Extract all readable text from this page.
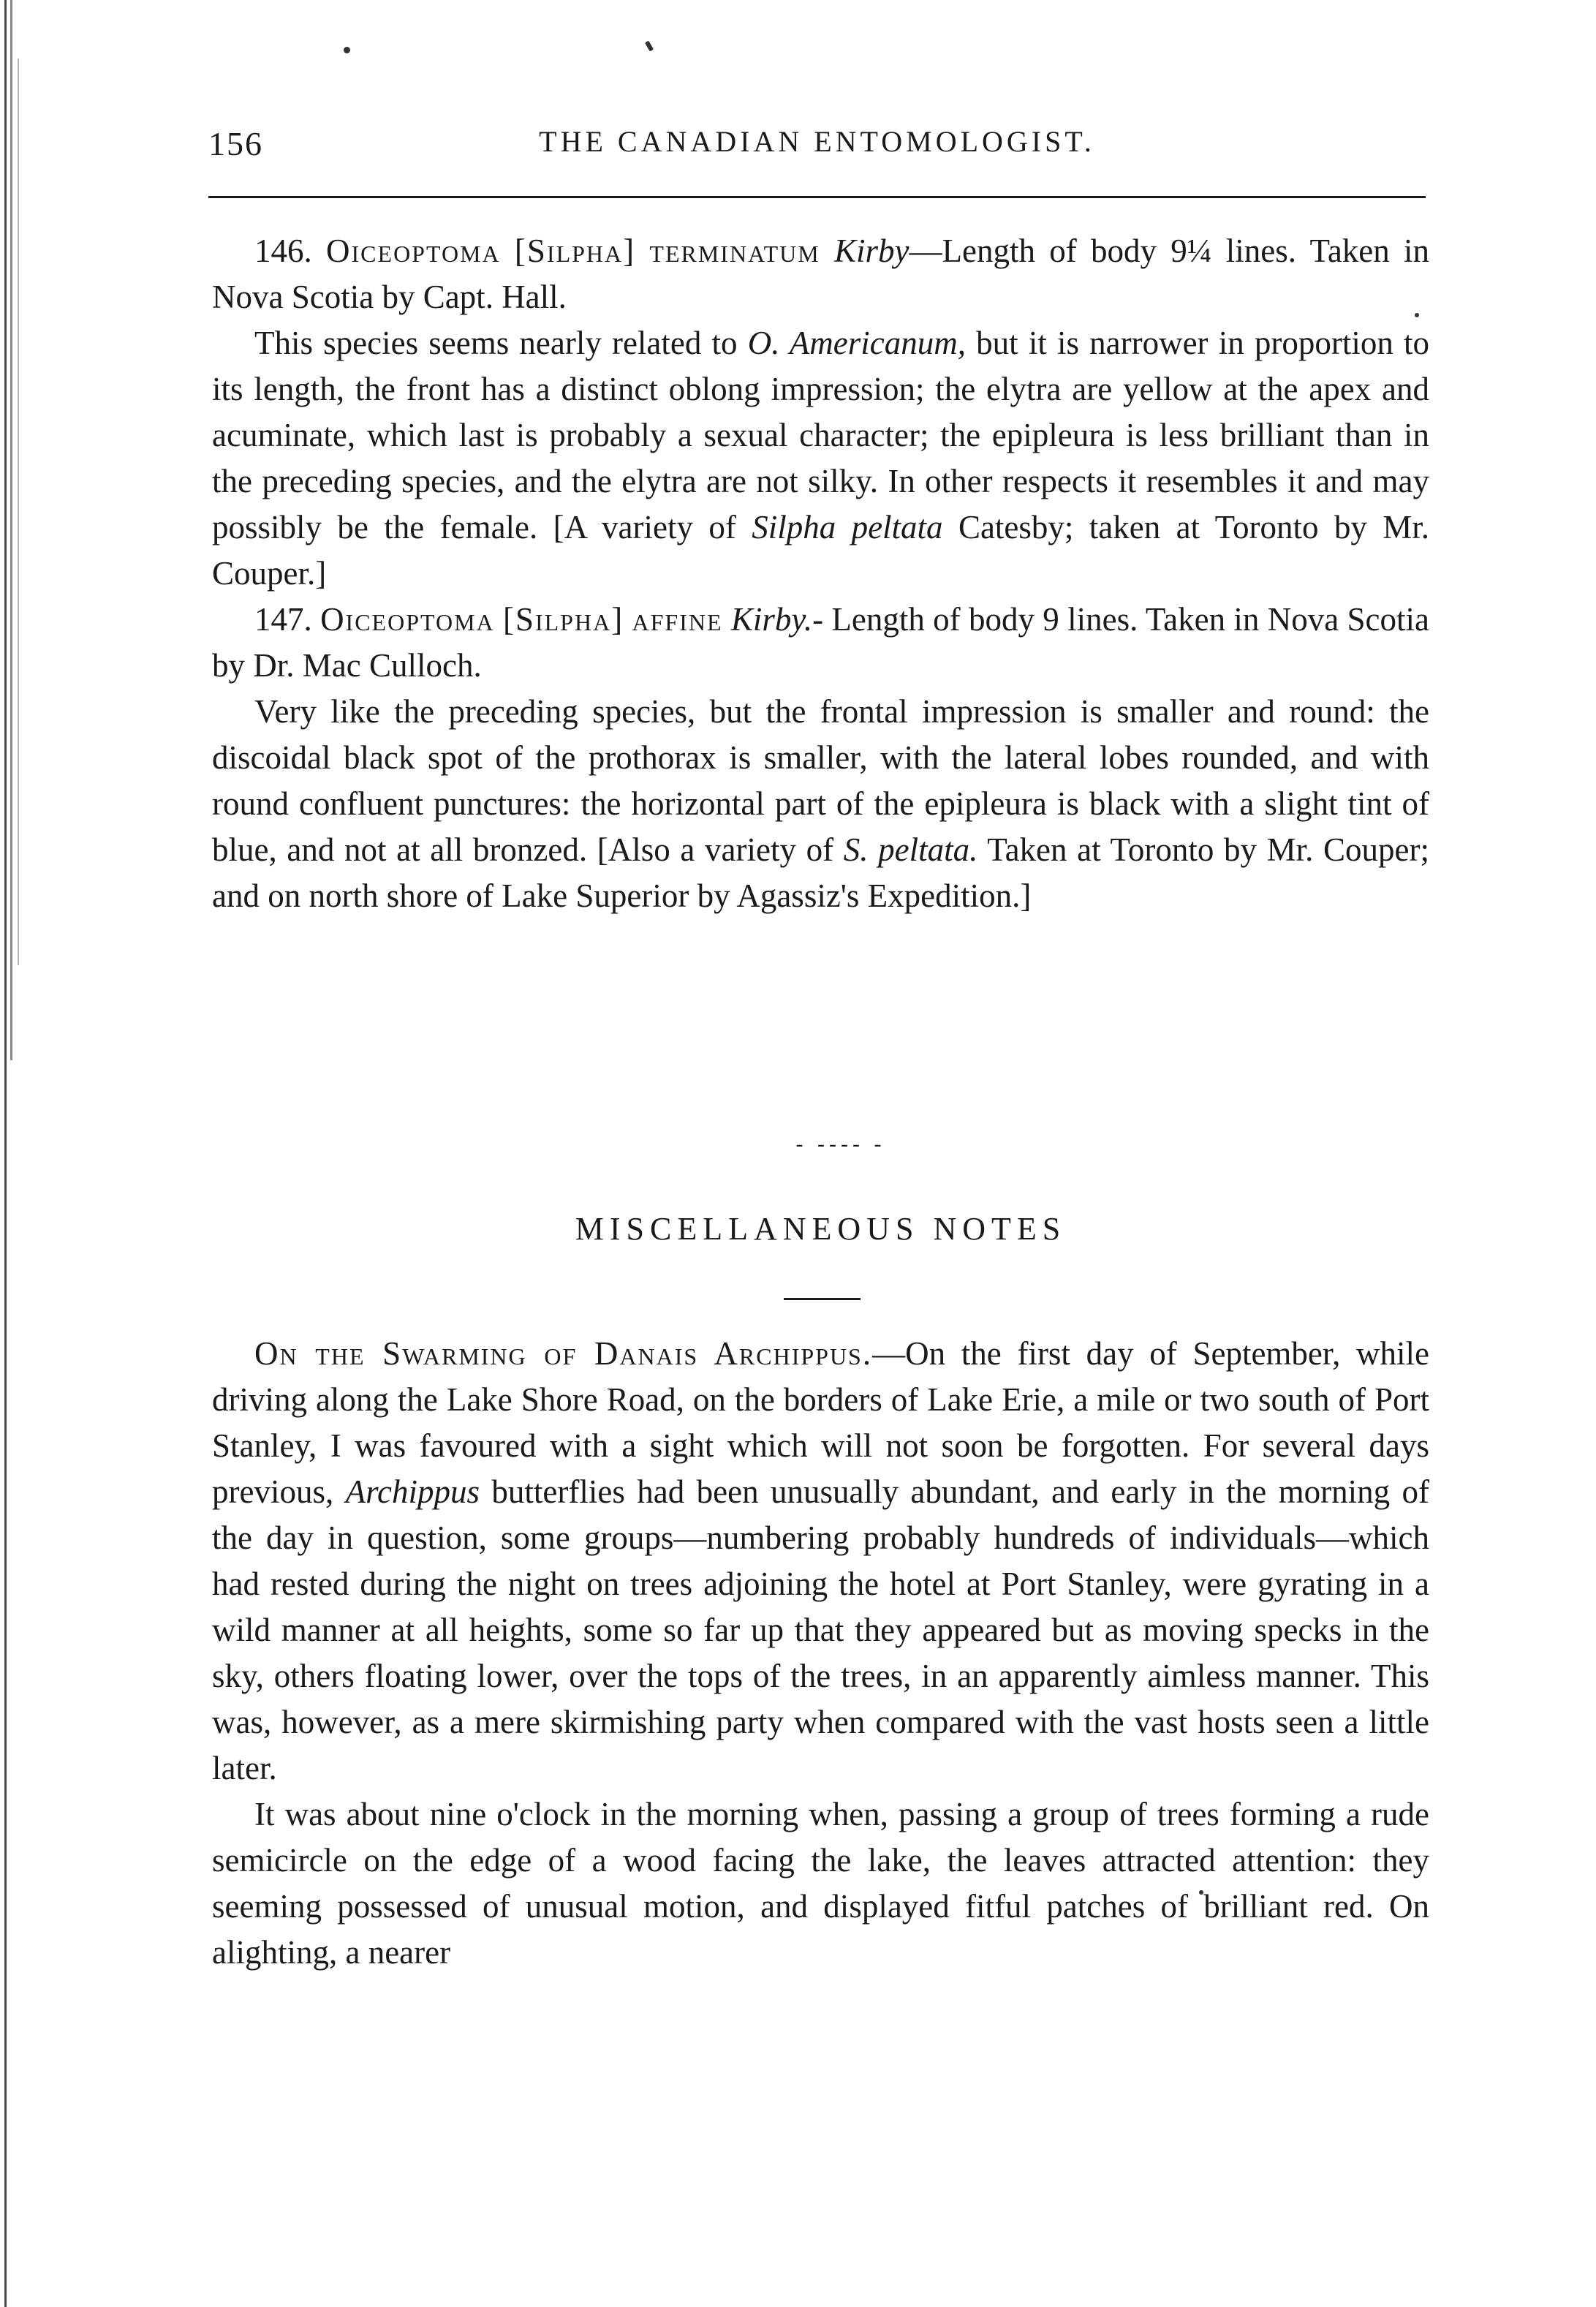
156	THE CANADIAN ENTOMOLOGIST.

146. Oiceoptoma [Silpha] terminatum Kirby—Length of body 9¼ lines. Taken in Nova Scotia by Capt. Hall.

This species seems nearly related to O. Americanum, but it is narrower in proportion to its length, the front has a distinct oblong impression; the elytra are yellow at the apex and acuminate, which last is probably a sexual character; the epipleura is less brilliant than in the preceding species, and the elytra are not silky. In other respects it resembles it and may possibly be the female. [A variety of Silpha peltata Catesby; taken at Toronto by Mr. Couper.]

147. Oiceoptoma [Silpha] affine Kirby.- Length of body 9 lines. Taken in Nova Scotia by Dr. Mac Culloch.

Very like the preceding species, but the frontal impression is smaller and round: the discoidal black spot of the prothorax is smaller, with the lateral lobes rounded, and with round confluent punctures: the horizontal part of the epipleura is black with a slight tint of blue, and not at all bronzed. [Also a variety of S. peltata. Taken at Toronto by Mr. Couper; and on north shore of Lake Superior by Agassiz's Expedition.]

- ---- -
MISCELLANEOUS NOTES

On the Swarming of Danais Archippus.—On the first day of September, while driving along the Lake Shore Road, on the borders of Lake Erie, a mile or two south of Port Stanley, I was favoured with a sight which will not soon be forgotten. For several days previous, Archippus butterflies had been unusually abundant, and early in the morning of the day in question, some groups—numbering probably hundreds of individuals—which had rested during the night on trees adjoining the hotel at Port Stanley, were gyrating in a wild manner at all heights, some so far up that they appeared but as moving specks in the sky, others floating lower, over the tops of the trees, in an apparently aimless manner. This was, however, as a mere skirmishing party when compared with the vast hosts seen a little later.

It was about nine o'clock in the morning when, passing a group of trees forming a rude semicircle on the edge of a wood facing the lake, the leaves attracted attention: they seeming possessed of unusual motion, and displayed fitful patches of brilliant red. On alighting, a nearer
